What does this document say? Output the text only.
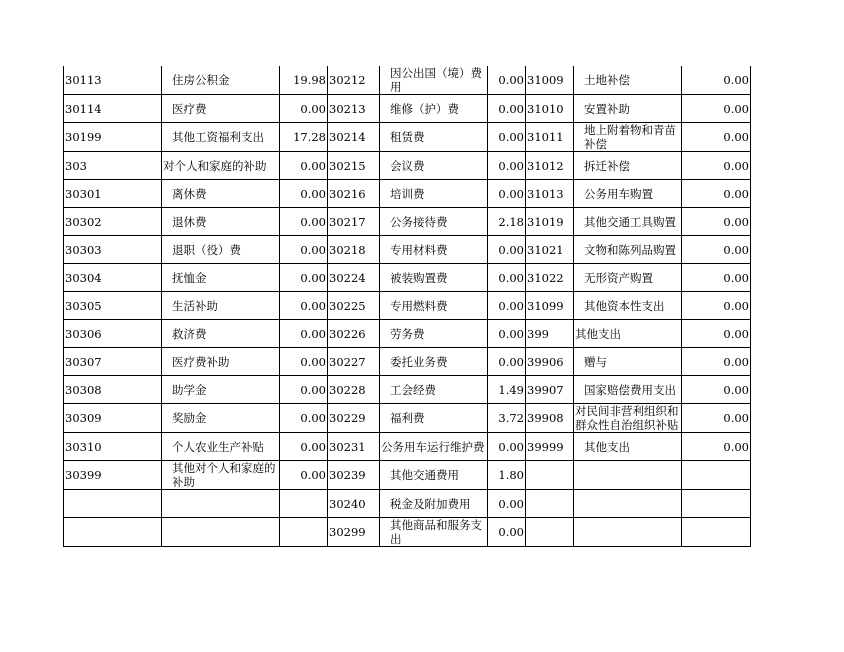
30113	住房公积金	19.98	30212	因公出国（境）费用	0.00	31009	土地补偿	0.00
30114	医疗费	0.00	30213	维修（护）费	0.00	31010	安置补助	0.00
30199	其他工资福利支出	17.28	30214	租赁费	0.00	31011	地上附着物和青苗补偿	0.00
303	对个人和家庭的补助	0.00	30215	会议费	0.00	31012	拆迁补偿	0.00
30301	离休费	0.00	30216	培训费	0.00	31013	公务用车购置	0.00
30302	退休费	0.00	30217	公务接待费	2.18	31019	其他交通工具购置	0.00
30303	退职（役）费	0.00	30218	专用材料费	0.00	31021	文物和陈列品购置	0.00
30304	抚恤金	0.00	30224	被装购置费	0.00	31022	无形资产购置	0.00
30305	生活补助	0.00	30225	专用燃料费	0.00	31099	其他资本性支出	0.00
30306	救济费	0.00	30226	劳务费	0.00	399	其他支出	0.00
30307	医疗费补助	0.00	30227	委托业务费	0.00	39906	赠与	0.00
30308	助学金	0.00	30228	工会经费	1.49	39907	国家赔偿费用支出	0.00
30309	奖励金	0.00	30229	福利费	3.72	39908	对民间非营利组织和群众性自治组织补贴	0.00
30310	个人农业生产补贴	0.00	30231	公务用车运行维护费	0.00	39999	其他支出	0.00
30399	其他对个人和家庭的补助	0.00	30239	其他交通费用	1.80			
			30240	税金及附加费用	0.00			
			30299	其他商品和服务支出	0.00			
